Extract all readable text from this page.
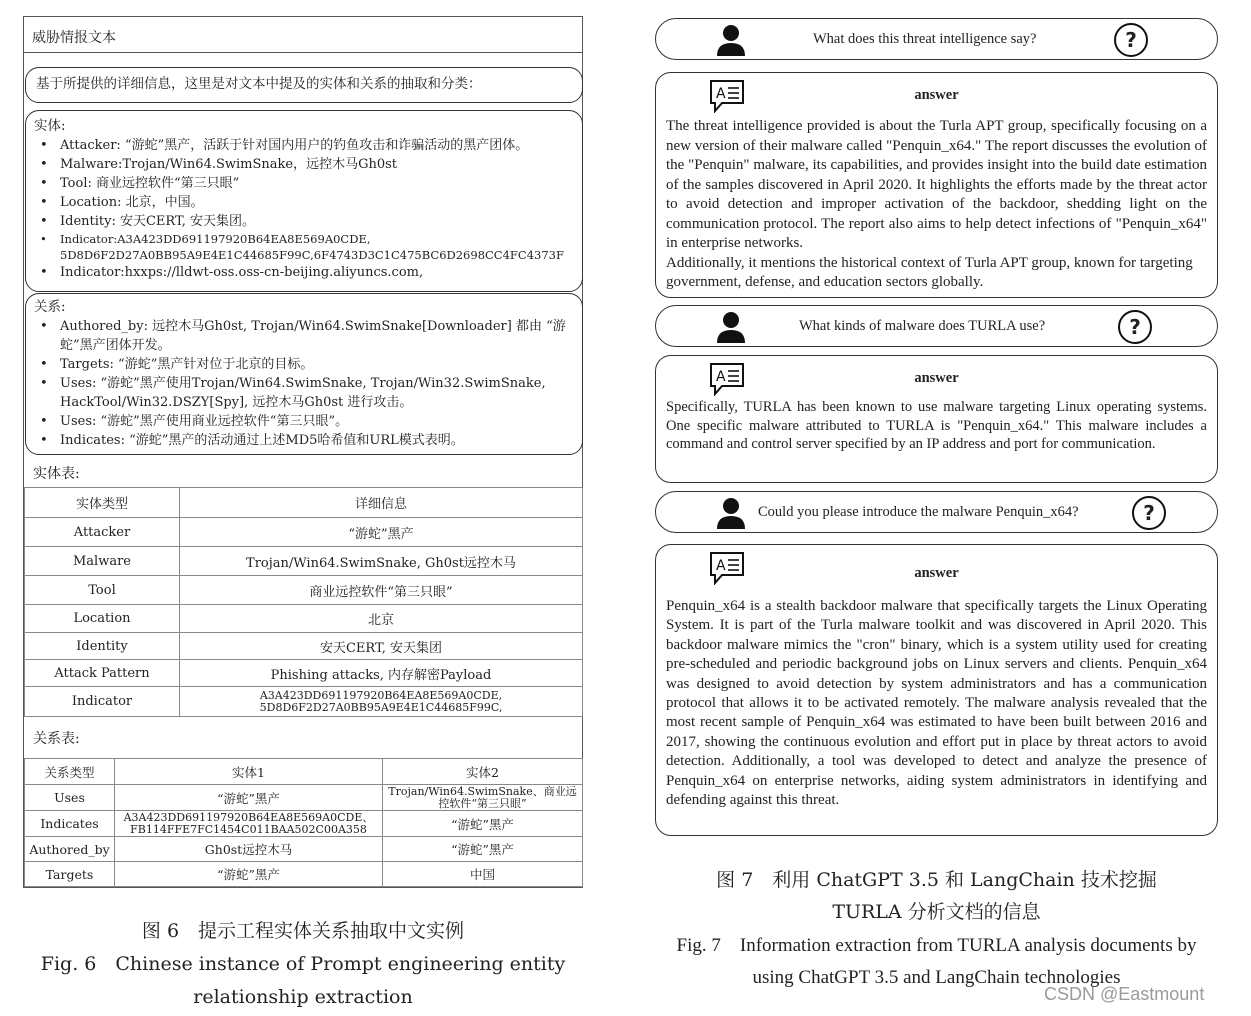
威胁情报文本
基于所提供的详细信息，这里是对文本中提及的实体和关系的抽取和分类：
实体:
• Attacker: “游蛇”黑产，活跃于针对国内用户的钓鱼攻击和诈骗活动的黑产团体。
• Malware:Trojan/Win64.SwimSnake，远控木马Gh0st
• Tool: 商业远控软件“第三只眼”
• Location: 北京，中国。
• Identity: 安天CERT, 安天集团。
• Indicator:A3A423DD691197920B64EA8E569A0CDE, 5D8D6F2D27A0BB95A9E4E1C44685F99C,6F4743D3C1C475BC6D2698CC4FC4373F
• Indicator:hxxps://lldwt-oss.oss-cn-beijing.aliyuncs.com,
关系:
• Authored_by: 远控木马Gh0st, Trojan/Win64.SwimSnake[Downloader] 都由 “游蛇”黑产团体开发。
• Targets: “游蛇”黑产针对位于北京的目标。
• Uses: “游蛇”黑产使用Trojan/Win64.SwimSnake, Trojan/Win32.SwimSnake, HackTool/Win32.DSZY[Spy], 远控木马Gh0st 进行攻击。
• Uses: “游蛇”黑产使用商业远控软件“第三只眼”。
• Indicates: “游蛇”黑产的活动通过上述MD5哈希值和URL模式表明。
实体表:
实体类型	详细信息
Attacker	“游蛇”黑产
Malware	Trojan/Win64.SwimSnake, Gh0st远控木马
Tool	商业远控软件“第三只眼”
Location	北京
Identity	安天CERT, 安天集团
Attack Pattern	Phishing attacks, 内存解密Payload
Indicator	A3A423DD691197920B64EA8E569A0CDE, 5D8D6F2D27A0BB95A9E4E1C44685F99C,
关系表:
关系类型	实体1	实体2
Uses	“游蛇”黑产	Trojan/Win64.SwimSnake、商业远控软件“第三只眼”
Indicates	A3A423DD691197920B64EA8E569A0CDE、FB114FFE7FC1454C011BAA502C00A358	“游蛇”黑产
Authored_by	Gh0st远控木马	“游蛇”黑产
Targets	“游蛇”黑产	中国
图 6　提示工程实体关系抽取中文实例
Fig. 6　Chinese instance of Prompt engineering entity
relationship extraction
What does this threat intelligence say?	?
A	answer
The threat intelligence provided is about the Turla APT group, specifically focusing on a new version of their malware called "Penquin_x64." The report discusses the evolution of the "Penquin" malware, its capabilities, and provides insight into the build date estimation of the samples discovered in April 2020. It highlights the efforts made by the threat actor to avoid detection and improper activation of the backdoor, shedding light on the communication protocol. The report also aims to help detect infections of "Penquin_x64" in enterprise networks.
Additionally, it mentions the historical context of Turla APT group, known for targeting government, defense, and education sectors globally.
What kinds of malware does TURLA use?	?
A	answer
Specifically, TURLA has been known to use malware targeting Linux operating systems. One specific malware attributed to TURLA is "Penquin_x64." This malware includes a command and control server specified by an IP address and port for communication.
Could you please introduce the malware Penquin_x64?	?
A	answer
Penquin_x64 is a stealth backdoor malware that specifically targets the Linux Operating System. It is part of the Turla malware toolkit and was discovered in April 2020. This backdoor malware mimics the "cron" binary, which is a system utility used for creating pre-scheduled and periodic background jobs on Linux servers and clients. Penquin_x64 was designed to avoid detection by system administrators and has a communication protocol that allows it to be activated remotely. The malware analysis revealed that the most recent sample of Penquin_x64 was estimated to have been built between 2016 and 2017, showing the continuous evolution and effort put in place by threat actors to avoid detection. Additionally, a tool was developed to detect and analyze the presence of Penquin_x64 on enterprise networks, aiding system administrators in identifying and defending against this threat.
图 7　利用 ChatGPT 3.5 和 LangChain 技术挖掘
TURLA 分析文档的信息
Fig. 7　Information extraction from TURLA analysis documents by
using ChatGPT 3.5 and LangChain technologies
CSDN @Eastmount
